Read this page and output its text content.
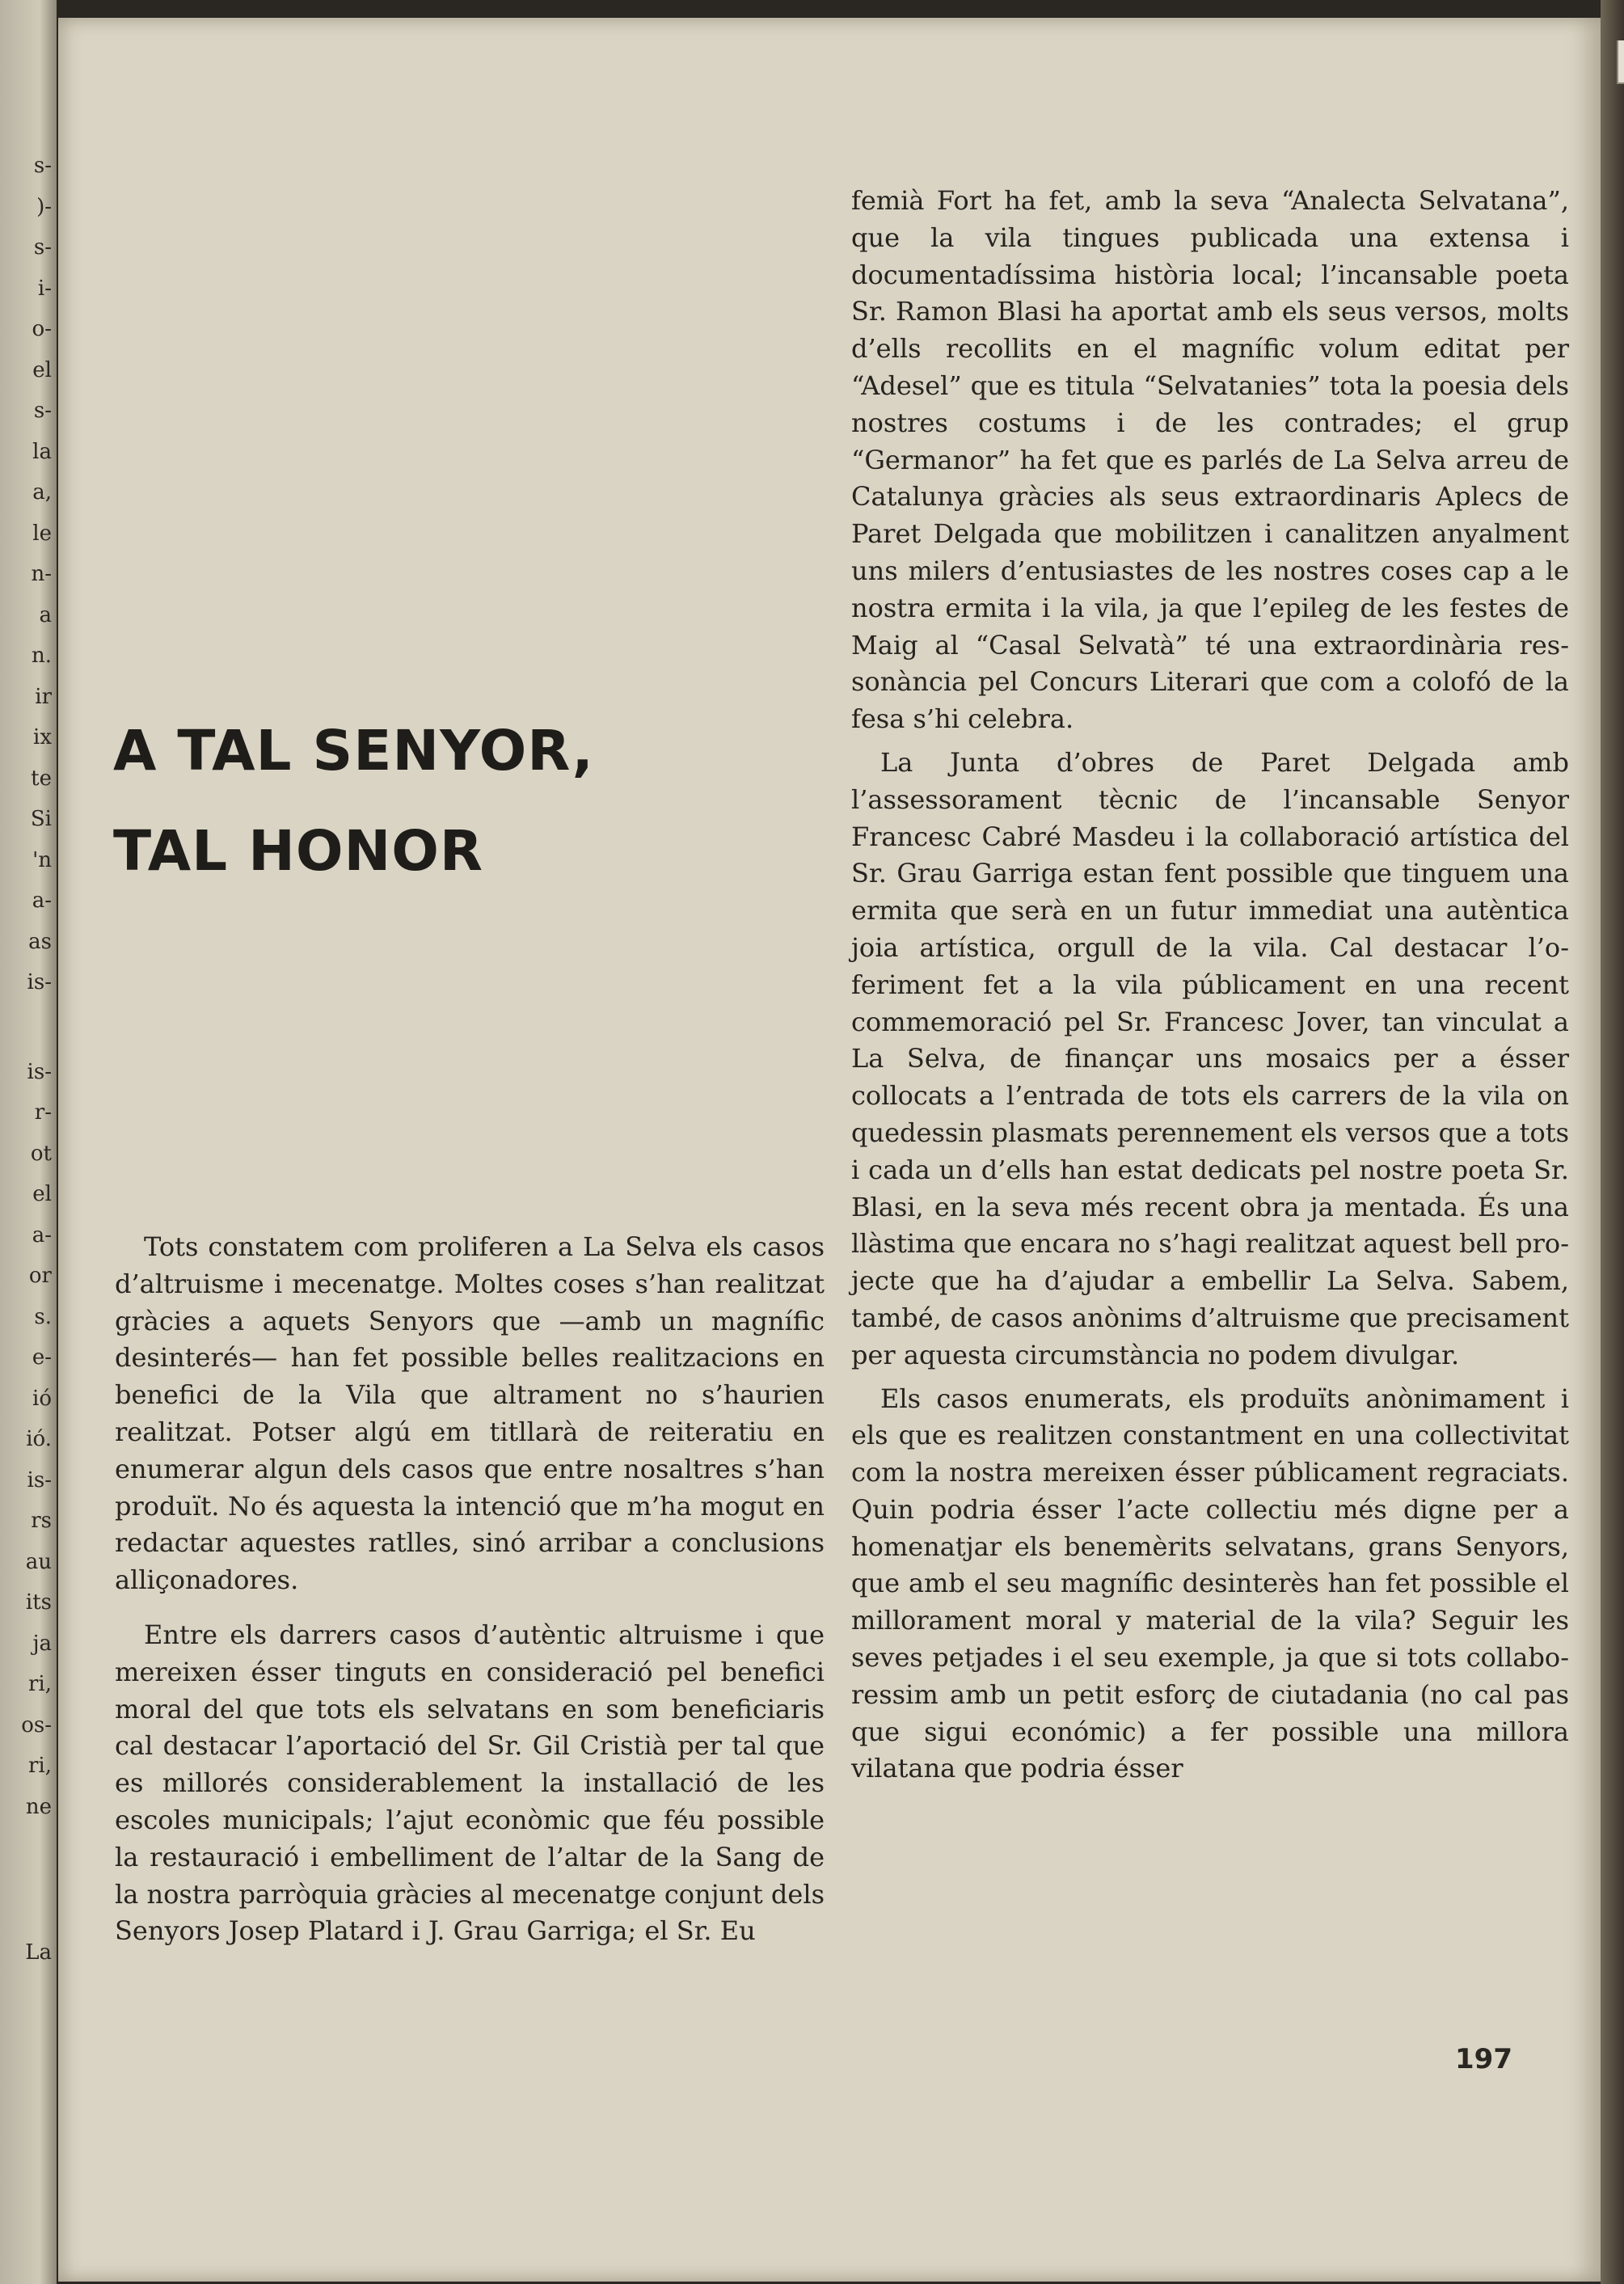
s-
)-
s-
i-
o-
el
s-
la
a,
le
n-
a
n.
ir
ix
te
Si
'n
a-
as
is-
is-
r-
ot
el
a-
or
s.
e-
ió
ió.
is-
rs
au
its
ja
ri,
os-
ri,
ne
La
A TAL SENYOR,
TAL HONOR

Tots constatem com proliferen a La Selva els casos d’altruisme i mecenatge. Moltes coses s’han realitzat gràcies a aquets Senyors que —amb un magnífic desinterés— han fet possible belles realitzacions en benefici de la Vila que altrament no s’haurien realitzat. Potser algú em titllarà de reiteratiu en enumerar algun dels casos que entre nosaltres s’han produït. No és aquesta la intenció que m’ha mogut en redactar aquestes ratlles, sinó arribar a conclusions alliçonadores.

Entre els darrers casos d’autèntic altruisme i que mereixen ésser tinguts en consideració pel benefici moral del que tots els selvatans en som beneficiaris cal destacar l’aportació del Sr. Gil Cristià per tal que es millorés considerablement la installació de les escoles municipals; l’ajut econòmic que féu possible la restauració i embelliment de l’altar de la Sang de la nostra parròquia gràcies al mecenatge conjunt dels Senyors Josep Platard i J. Grau Garriga; el Sr. Eu

femià Fort ha fet, amb la seva “Analecta Selvatana”, que la vila tingues publicada una extensa i documentadíssima història local; l’incansable poeta Sr. Ramon Blasi ha aportat amb els seus versos, molts d’ells recollits en el magnífic volum editat per “Adesel” que es titula “Selvatanies” tota la poesia dels nostres costums i de les contrades; el grup “Germanor” ha fet que es parlés de La Selva arreu de Catalunya gràcies als seus extraordinaris Aplecs de Paret Delgada que mobilitzen i canalitzen anyalment uns milers d’entusiastes de les nostres coses cap a le nostra ermita i la vila, ja que l’epileg de les festes de Maig al “Casal Selvatà” té una extraordinària ressonància pel Concurs Literari que com a colofó de la fesa s’hi celebra.

La Junta d’obres de Paret Delgada amb l’assessorament tècnic de l’incansable Senyor Francesc Cabré Masdeu i la collaboració artística del Sr. Grau Garriga estan fent possible que tinguem una ermita que serà en un futur immediat una autèntica joia artística, orgull de la vila. Cal destacar l’oferiment fet a la vila públicament en una recent commemoració pel Sr. Francesc Jover, tan vinculat a La Selva, de finançar uns mosaics per a ésser collocats a l’entrada de tots els carrers de la vila on quedessin plasmats perennement els versos que a tots i cada un d’ells han estat dedicats pel nostre poeta Sr. Blasi, en la seva més recent obra ja mentada. És una llàstima que encara no s’hagi realitzat aquest bell projecte que ha d’ajudar a embellir La Selva. Sabem, també, de casos anònims d’altruisme que precisament per aquesta circumstància no podem divulgar.

Els casos enumerats, els produïts anònimament i els que es realitzen constantment en una collectivitat com la nostra mereixen ésser públicament regraciats. Quin podria ésser l’acte collectiu més digne per a homenatjar els benemèrits selvatans, grans Senyors, que amb el seu magnífic desinterès han fet possible el millorament moral y material de la vila? Seguir les seves petjades i el seu exemple, ja que si tots collaboressim amb un petit esforç de ciutadania (no cal pas que sigui económic) a fer possible una millora vilatana que podria ésser

197
